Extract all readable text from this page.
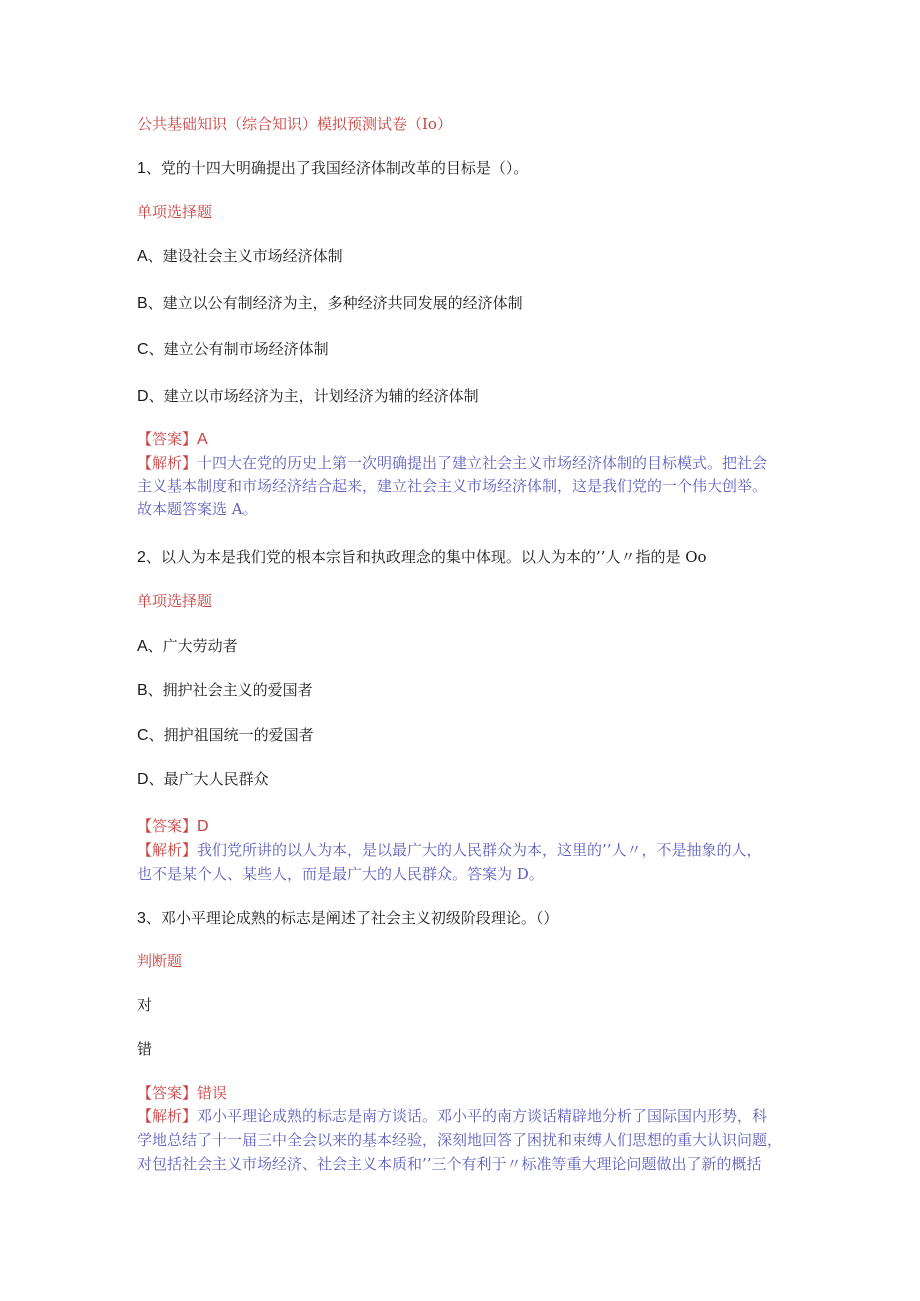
公共基础知识（综合知识）模拟预测试卷（Io）
1、党的十四大明确提出了我国经济体制改革的目标是（）。
单项选择题
A、建设社会主义市场经济体制
B、建立以公有制经济为主，多种经济共同发展的经济体制
C、建立公有制市场经济体制
D、建立以市场经济为主，计划经济为辅的经济体制
【答案】A
【解析】十四大在党的历史上第一次明确提出了建立社会主义市场经济体制的目标模式。把社会
主义基本制度和市场经济结合起来，建立社会主义市场经济体制，这是我们党的一个伟大创举。
故本题答案选 A。
2、以人为本是我们党的根本宗旨和执政理念的集中体现。以人为本的’’人〃指的是 Oo
单项选择题
A、广大劳动者
B、拥护社会主义的爱国者
C、拥护祖国统一的爱国者
D、最广大人民群众
【答案】D
【解析】我们党所讲的以人为本，是以最广大的人民群众为本，这里的’’人〃，不是抽象的人，
也不是某个人、某些人，而是最广大的人民群众。答案为 D。
3、邓小平理论成熟的标志是阐述了社会主义初级阶段理论。（）
判断题
对
错
【答案】错误
【解析】邓小平理论成熟的标志是南方谈话。邓小平的南方谈话精辟地分析了国际国内形势，科
学地总结了十一届三中全会以来的基本经验，深刻地回答了困扰和束缚人们思想的重大认识问题，
对包括社会主义市场经济、社会主义本质和’’三个有利于〃标准等重大理论问题做出了新的概括
